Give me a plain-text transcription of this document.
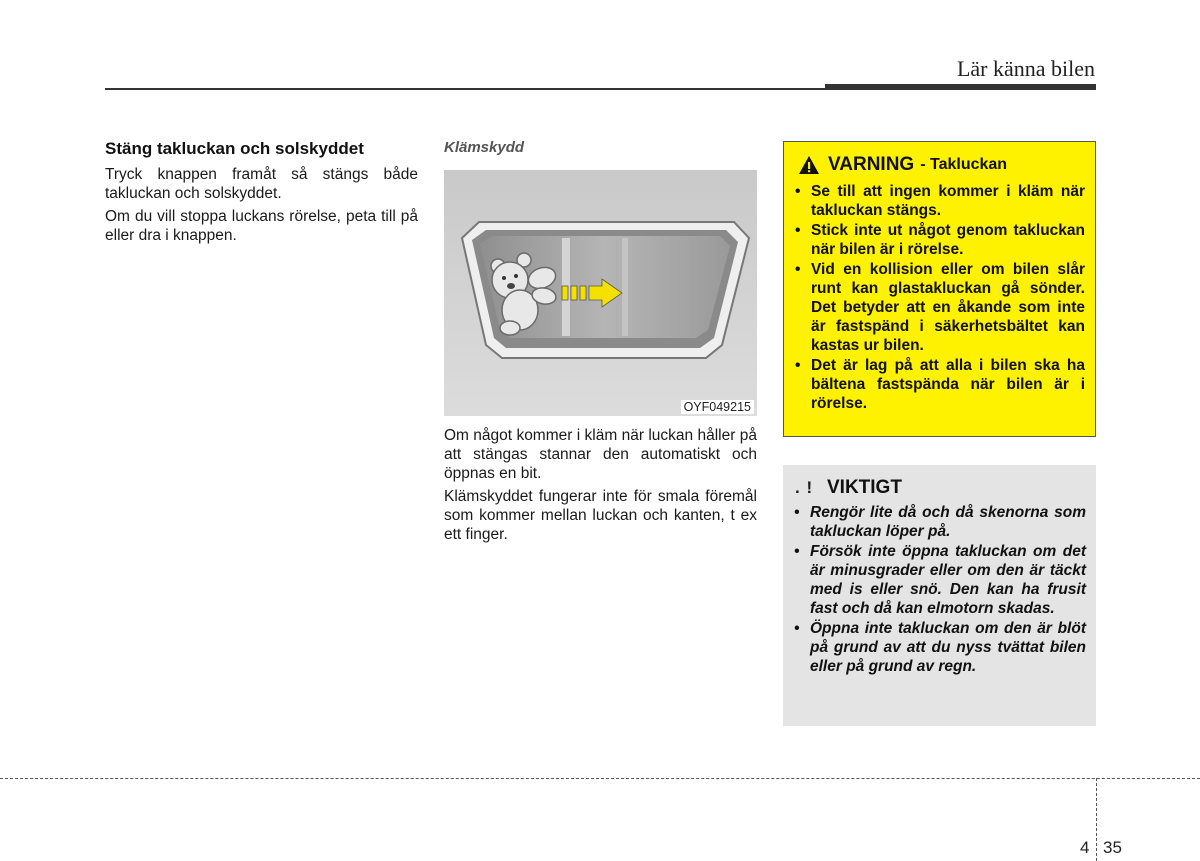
Lär känna bilen
Stäng takluckan och solskyddet

Tryck knappen framåt så stängs både takluckan och solskyddet.

Om du vill stoppa luckans rörelse, peta till på eller dra i knappen.

Klämskydd
OYF049215

Om något kommer i kläm när luckan håller på att stängas stannar den automatiskt och öppnas en bit.

Klämskyddet fungerar inte för smala föremål som kommer mellan luckan och kanten, t ex ett finger.

VARNING - Takluckan
• Se till att ingen kommer i kläm när takluckan stängs.
• Stick inte ut något genom takluckan när bilen är i rörelse.
• Vid en kollision eller om bilen slår runt kan glastakluckan gå sönder. Det betyder att en åkande som inte är fastspänd i säkerhetsbältet kan kastas ur bilen.
• Det är lag på att alla i bilen ska ha bältena fastspända när bilen är i rörelse.
. ! VIKTIGT
• Rengör lite då och då skenorna som takluckan löper på.
• Försök inte öppna takluckan om det är minusgrader eller om den är täckt med is eller snö. Den kan ha frusit fast och då kan elmotorn skadas.
• Öppna inte takluckan om den är blöt på grund av att du nyss tvättat bilen eller på grund av regn.
4 35
